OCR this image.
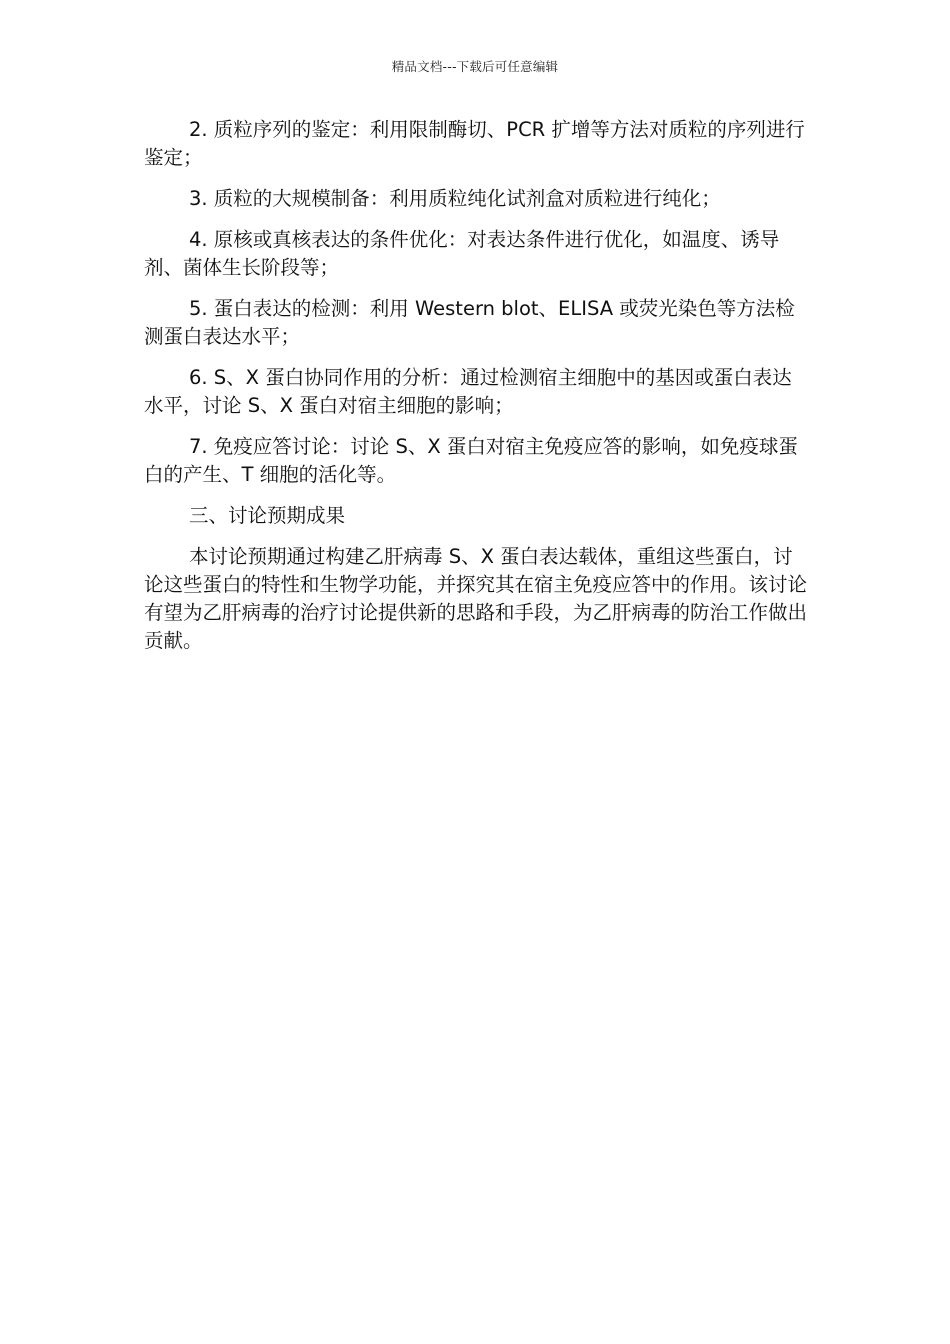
精品文档---下载后可任意编辑

2. 质粒序列的鉴定：利用限制酶切、PCR 扩增等方法对质粒的序列进行鉴定；

3. 质粒的大规模制备：利用质粒纯化试剂盒对质粒进行纯化；

4. 原核或真核表达的条件优化：对表达条件进行优化，如温度、诱导剂、菌体生长阶段等；

5. 蛋白表达的检测：利用 Western blot、ELISA 或荧光染色等方法检测蛋白表达水平；

6. S、X 蛋白协同作用的分析：通过检测宿主细胞中的基因或蛋白表达水平，讨论 S、X 蛋白对宿主细胞的影响；

7. 免疫应答讨论：讨论 S、X 蛋白对宿主免疫应答的影响，如免疫球蛋白的产生、T 细胞的活化等。

三、讨论预期成果

本讨论预期通过构建乙肝病毒 S、X 蛋白表达载体，重组这些蛋白，讨论这些蛋白的特性和生物学功能，并探究其在宿主免疫应答中的作用。该讨论有望为乙肝病毒的治疗讨论提供新的思路和手段，为乙肝病毒的防治工作做出贡献。
